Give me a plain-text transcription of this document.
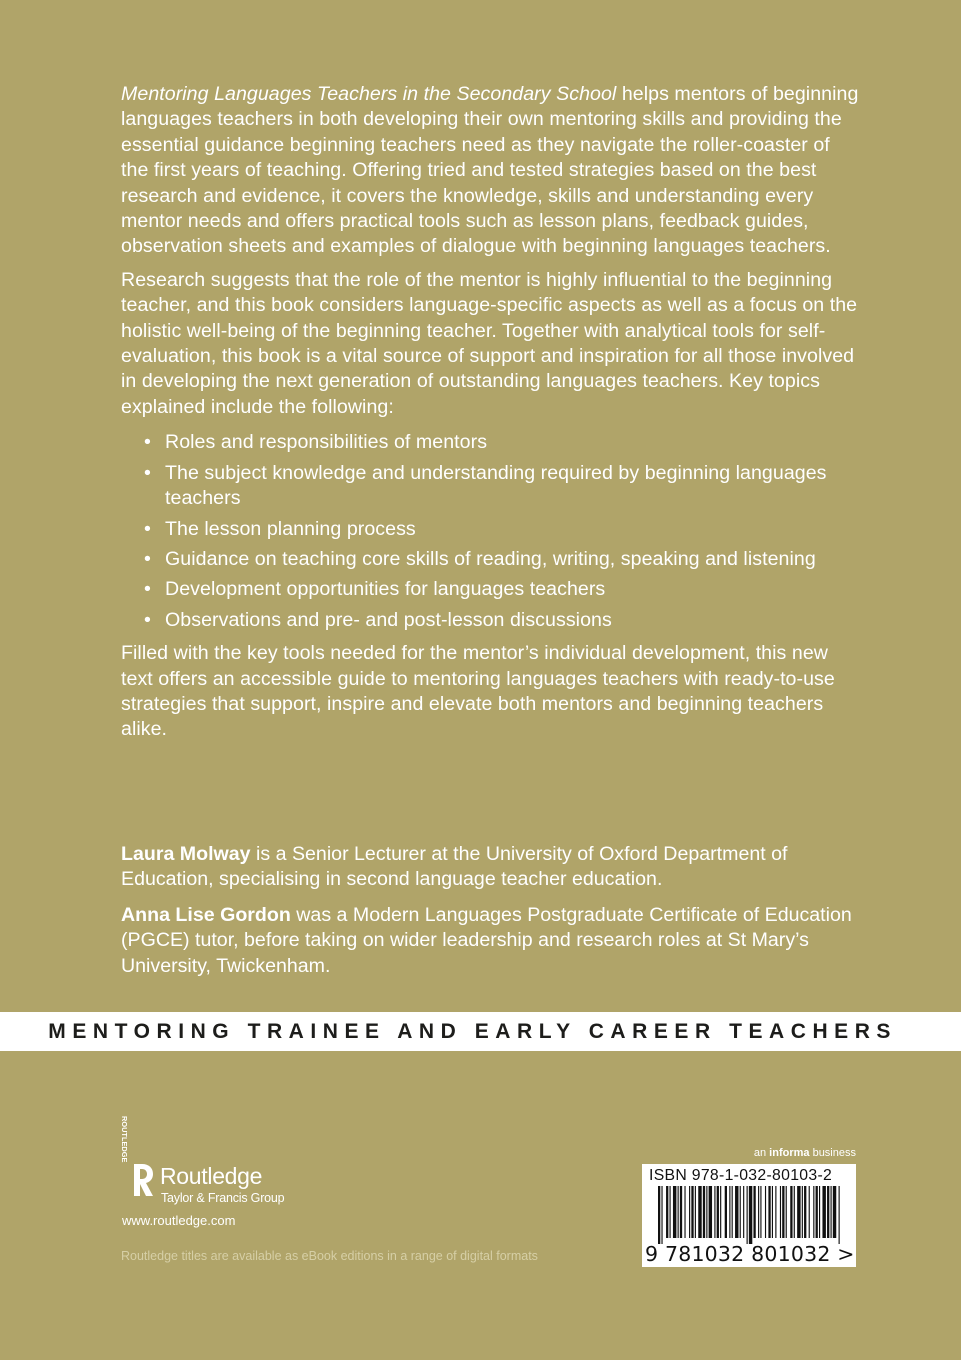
Mentoring Languages Teachers in the Secondary School helps mentors of beginning languages teachers in both developing their own mentoring skills and providing the essential guidance beginning teachers need as they navigate the roller-coaster of the first years of teaching. Offering tried and tested strategies based on the best research and evidence, it covers the knowledge, skills and understanding every mentor needs and offers practical tools such as lesson plans, feedback guides, observation sheets and examples of dialogue with beginning languages teachers.

Research suggests that the role of the mentor is highly influential to the beginning teacher, and this book considers language-specific aspects as well as a focus on the holistic well-being of the beginning teacher. Together with analytical tools for self-evaluation, this book is a vital source of support and inspiration for all those involved in developing the next generation of outstanding languages teachers. Key topics explained include the following:

• Roles and responsibilities of mentors
• The subject knowledge and understanding required by beginning languages teachers
• The lesson planning process
• Guidance on teaching core skills of reading, writing, speaking and listening
• Development opportunities for languages teachers
• Observations and pre- and post-lesson discussions

Filled with the key tools needed for the mentor’s individual development, this new text offers an accessible guide to mentoring languages teachers with ready-to-use strategies that support, inspire and elevate both mentors and beginning teachers alike.

Laura Molway is a Senior Lecturer at the University of Oxford Department of Education, specialising in second language teacher education.

Anna Lise Gordon was a Modern Languages Postgraduate Certificate of Education (PGCE) tutor, before taking on wider leadership and research roles at St Mary’s University, Twickenham.

MENTORING TRAINEE AND EARLY CAREER TEACHERS
ROUTLEDGE
Routledge
Taylor & Francis Group
www.routledge.com
Routledge titles are available as eBook editions in a range of digital formats
an informa business
ISBN 978-1-032-80103-2
9 781032 801032 >
